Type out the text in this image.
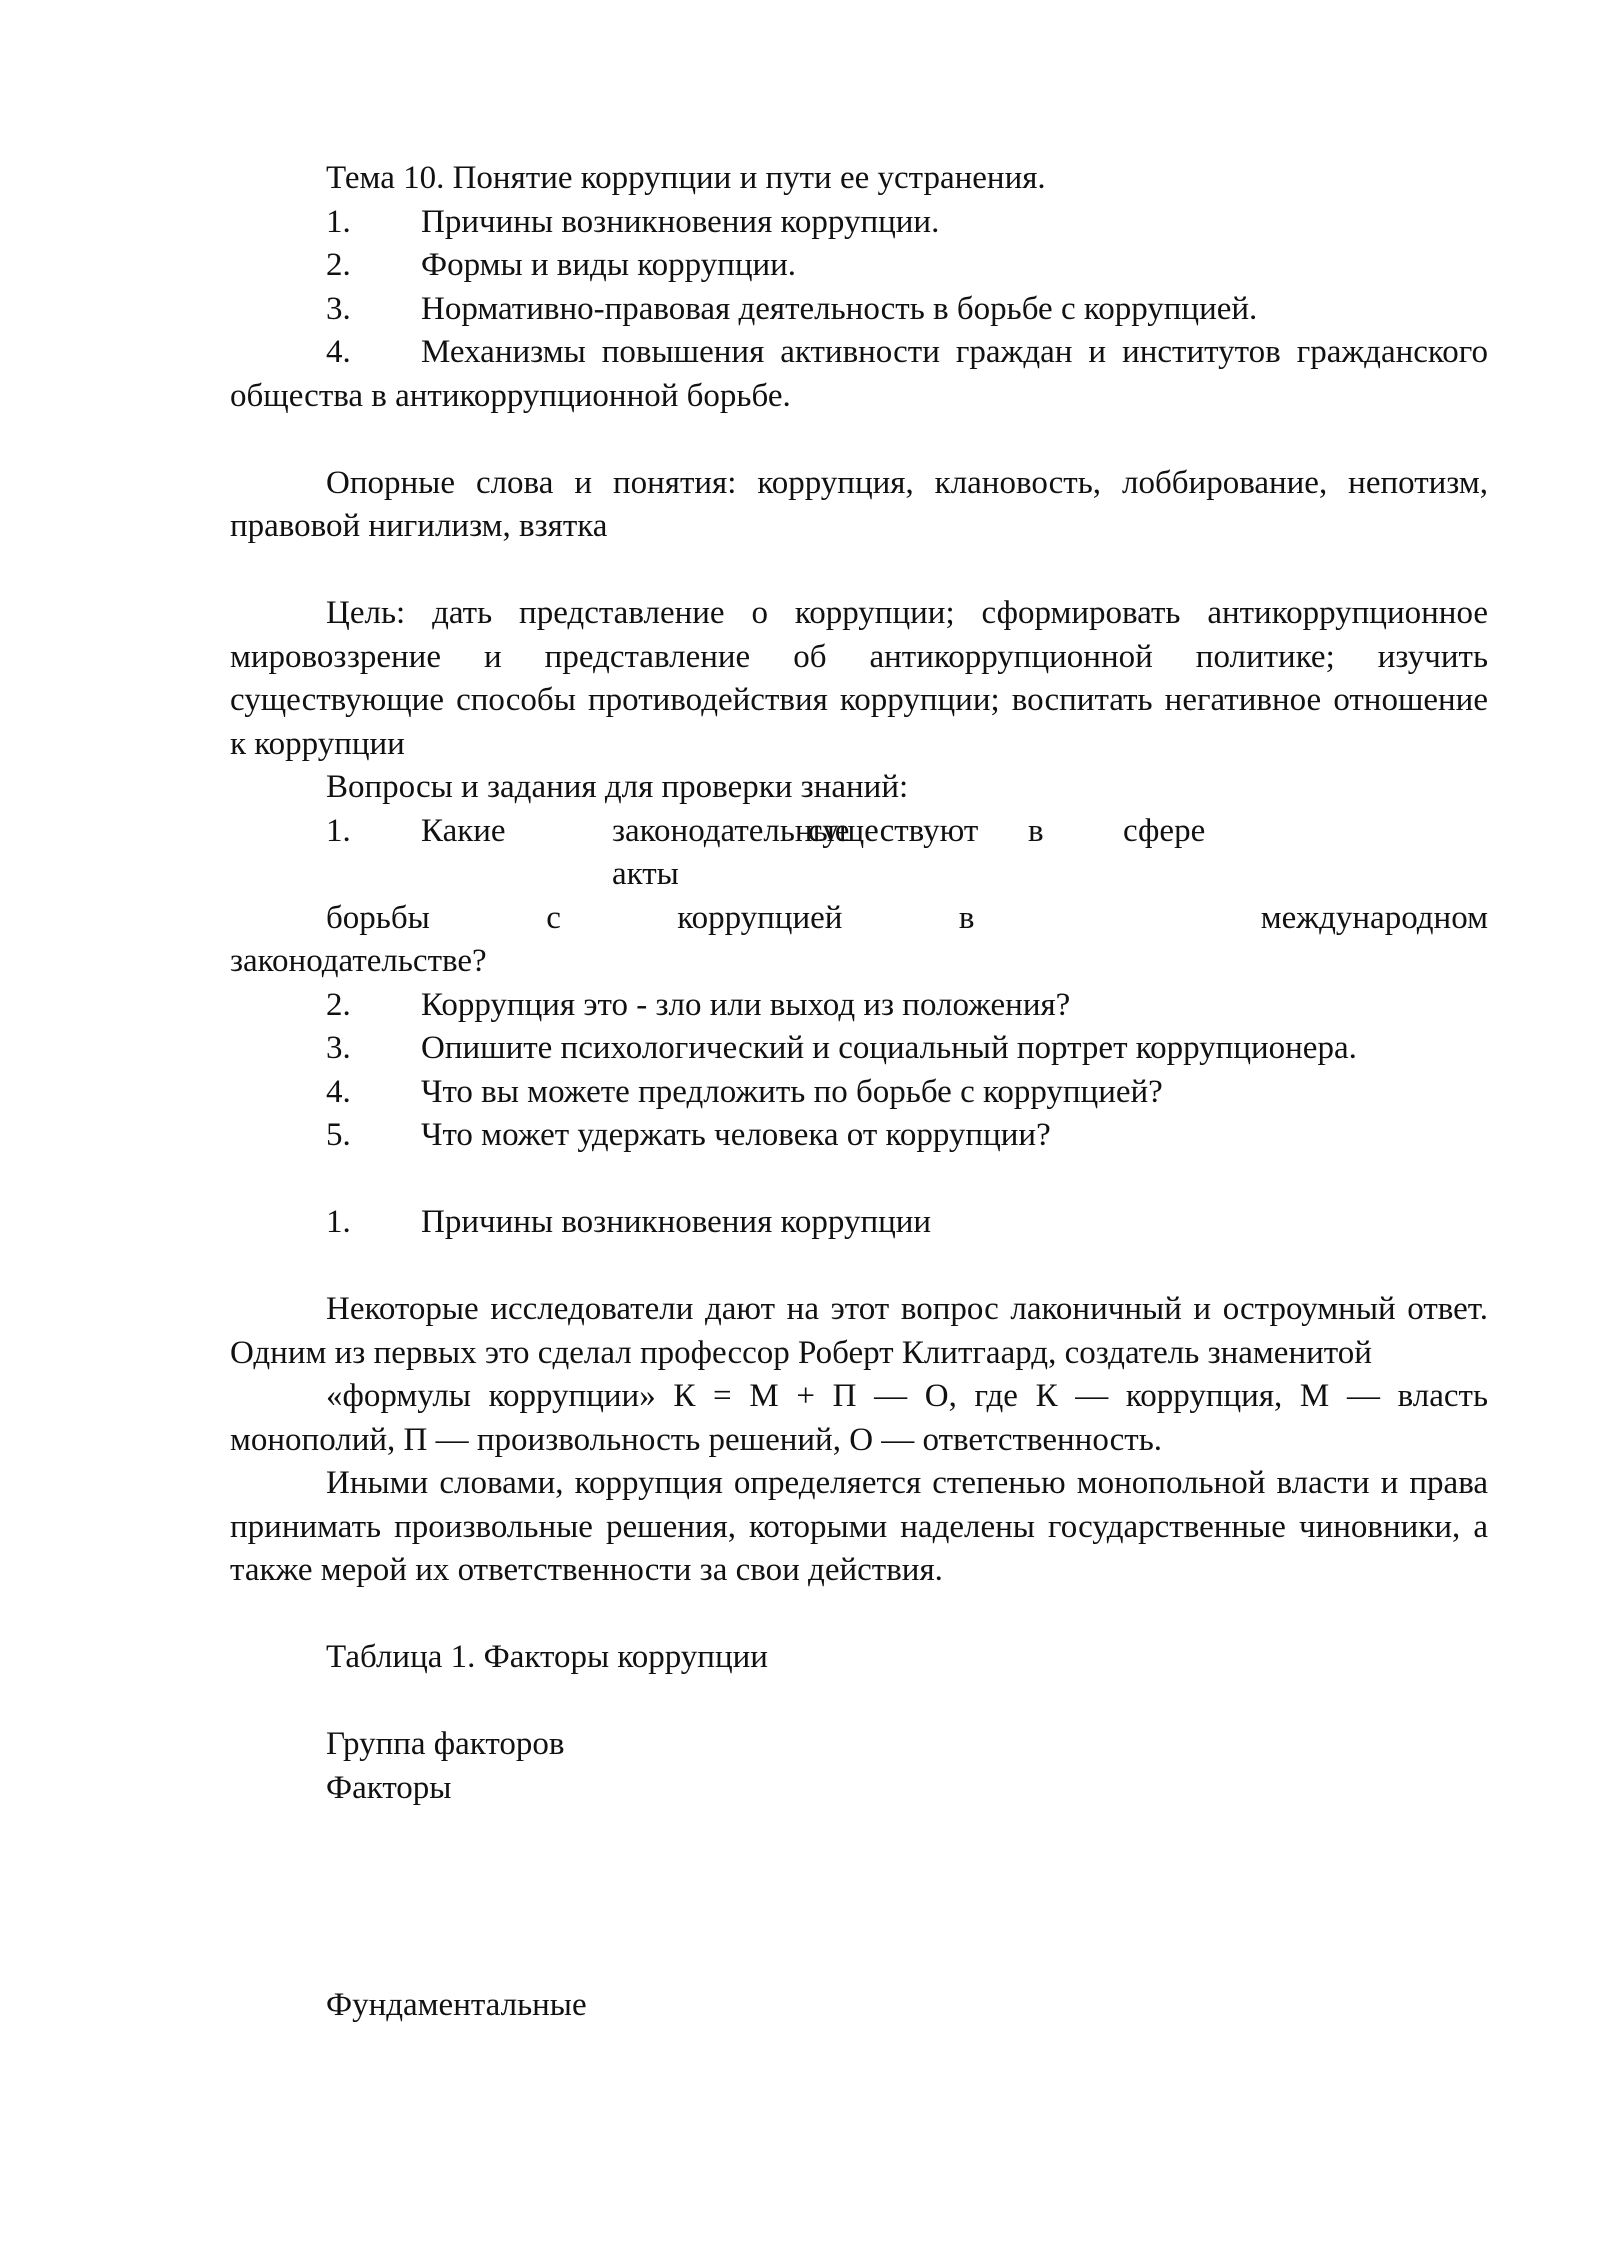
Тема 10. Понятие коррупции и пути ее устранения.

1.	Причины возникновения коррупции.
2.	Формы и виды коррупции.
3.	Нормативно-правовая деятельность в борьбе с коррупцией.

4. Механизмы повышения активности граждан и институтов гражданского общества в антикоррупционной борьбе.

Опорные слова и понятия: коррупция, клановость, лоббирование, непотизм, правовой нигилизм, взятка

Цель: дать представление о коррупции; сформировать антикоррупционное мировоззрение и представление об антикоррупционной политике; изучить существующие способы противодействия коррупции; воспитать негативное отношение к коррупции

Вопросы и задания для проверки знаний:

1.	Какие	законодательные акты
существуют	в	сфере
борьбы	с	коррупцией	в	международном

законодательстве?

2.	Коррупция это - зло или выход из положения?

3. Опишите психологический и социальный портрет коррупционера.

4.	Что вы можете предложить по борьбе с коррупцией?
5.	Что может удержать человека от коррупции?
1.	Причины возникновения коррупции

Некоторые исследователи дают на этот вопрос лаконичный и остроумный ответ. Одним из первых это сделал профессор Роберт Клитгаард, создатель знаменитой

«формулы коррупции» К = М + П — О, где К — коррупция, М — власть монополий, П — произвольность решений, О — ответственность.

Иными словами, коррупция определяется степенью монопольной власти и права принимать произвольные решения, которыми наделены государственные чиновники, а также мерой их ответственности за свои действия.

Таблица 1. Факторы коррупции

Группа факторов

Факторы

Фундаментальные
